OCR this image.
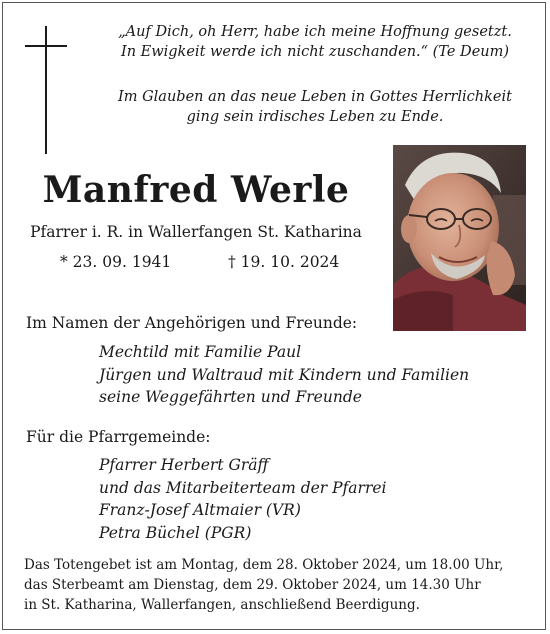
„Auf Dich, oh Herr, habe ich meine Hoffnung gesetzt.
In Ewigkeit werde ich nicht zuschanden.“ (Te Deum)
Im Glauben an das neue Leben in Gottes Herrlichkeit
ging sein irdisches Leben zu Ende.
Manfred Werle
Pfarrer i. R. in Wallerfangen St. Katharina
* 23. 09. 1941	† 19. 10. 2024
Im Namen der Angehörigen und Freunde:
Mechtild mit Familie Paul
Jürgen und Waltraud mit Kindern und Familien
seine Weggefährten und Freunde
Für die Pfarrgemeinde:
Pfarrer Herbert Gräff
und das Mitarbeiterteam der Pfarrei
Franz-Josef Altmaier (VR)
Petra Büchel (PGR)
Das Totengebet ist am Montag, dem 28. Oktober 2024, um 18.00 Uhr,
das Sterbeamt am Dienstag, dem 29. Oktober 2024, um 14.30 Uhr
in St. Katharina, Wallerfangen, anschließend Beerdigung.
